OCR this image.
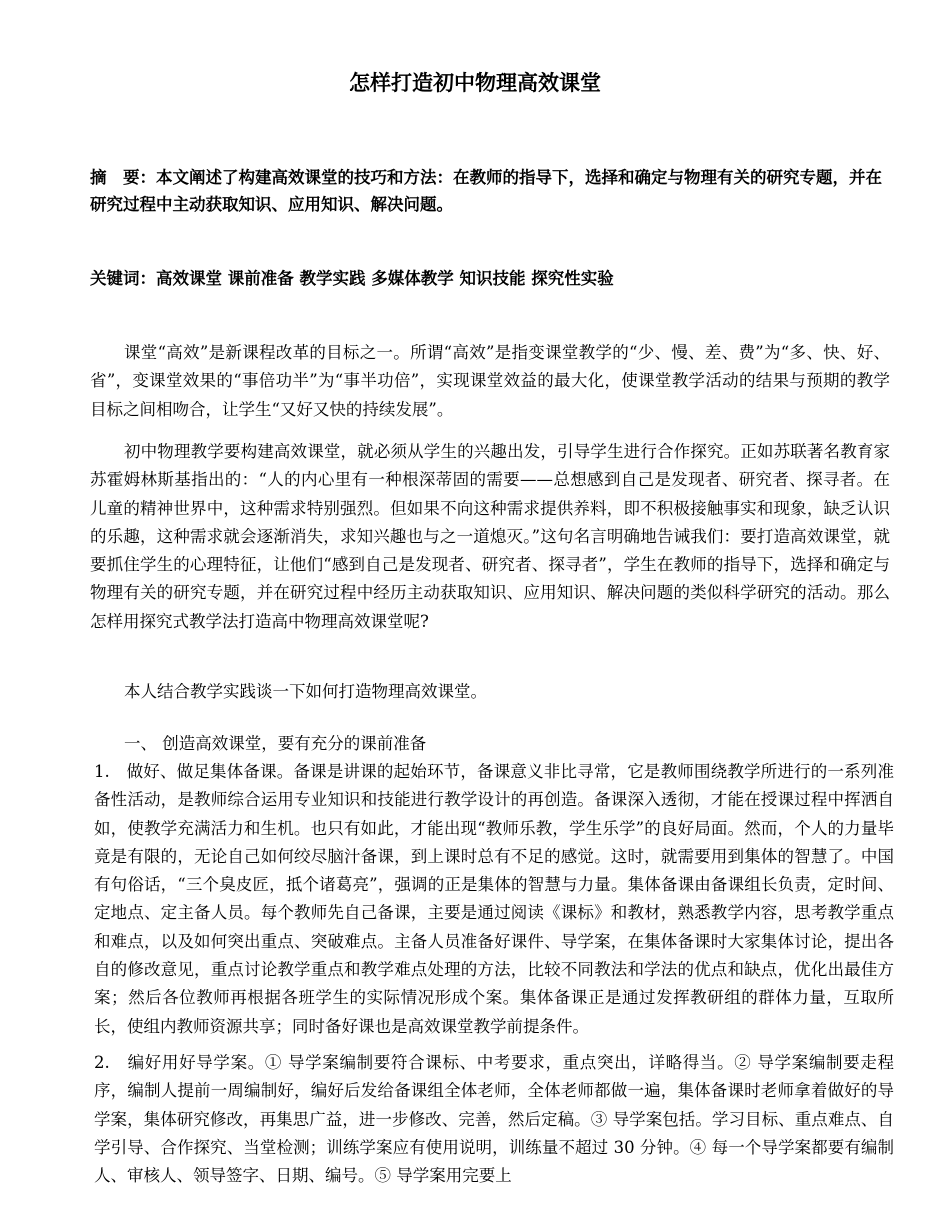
怎样打造初中物理高效课堂

摘　要：本文阐述了构建高效课堂的技巧和方法：在教师的指导下，选择和确定与物理有关的研究专题，并在研究过程中主动获取知识、应用知识、解决问题。

关键词：高效课堂 课前准备 教学实践 多媒体教学 知识技能 探究性实验

课堂“高效”是新课程改革的目标之一。所谓“高效”是指变课堂教学的“少、慢、差、费”为“多、快、好、省”，变课堂效果的“事倍功半”为“事半功倍”，实现课堂效益的最大化，使课堂教学活动的结果与预期的教学目标之间相吻合，让学生“又好又快的持续发展”。

初中物理教学要构建高效课堂，就必须从学生的兴趣出发，引导学生进行合作探究。正如苏联著名教育家苏霍姆林斯基指出的：“人的内心里有一种根深蒂固的需要——总想感到自己是发现者、研究者、探寻者。在儿童的精神世界中，这种需求特别强烈。但如果不向这种需求提供养料，即不积极接触事实和现象，缺乏认识的乐趣，这种需求就会逐渐消失，求知兴趣也与之一道熄灭。”这句名言明确地告诫我们：要打造高效课堂，就要抓住学生的心理特征，让他们“感到自己是发现者、研究者、探寻者”，学生在教师的指导下，选择和确定与物理有关的研究专题，并在研究过程中经历主动获取知识、应用知识、解决问题的类似科学研究的活动。那么怎样用探究式教学法打造高中物理高效课堂呢?

本人结合教学实践谈一下如何打造物理高效课堂。

一、 创造高效课堂，要有充分的课前准备

1.　做好、做足集体备课。备课是讲课的起始环节，备课意义非比寻常，它是教师围绕教学所进行的一系列准备性活动，是教师综合运用专业知识和技能进行教学设计的再创造。备课深入透彻，才能在授课过程中挥洒自如，使教学充满活力和生机。也只有如此，才能出现“教师乐教，学生乐学”的良好局面。然而，个人的力量毕竟是有限的，无论自己如何绞尽脑汁备课，到上课时总有不足的感觉。这时，就需要用到集体的智慧了。中国有句俗话，“三个臭皮匠，抵个诸葛亮”，强调的正是集体的智慧与力量。集体备课由备课组长负责，定时间、定地点、定主备人员。每个教师先自己备课，主要是通过阅读《课标》和教材，熟悉教学内容，思考教学重点和难点，以及如何突出重点、突破难点。主备人员准备好课件、导学案，在集体备课时大家集体讨论，提出各自的修改意见，重点讨论教学重点和教学难点处理的方法，比较不同教法和学法的优点和缺点，优化出最佳方案；然后各位教师再根据各班学生的实际情况形成个案。集体备课正是通过发挥教研组的群体力量，互取所长，使组内教师资源共享；同时备好课也是高效课堂教学前提条件。

2.　编好用好导学案。① 导学案编制要符合课标、中考要求，重点突出，详略得当。② 导学案编制要走程序，编制人提前一周编制好，编好后发给备课组全体老师，全体老师都做一遍，集体备课时老师拿着做好的导学案，集体研究修改，再集思广益，进一步修改、完善，然后定稿。③ 导学案包括。学习目标、重点难点、自学引导、合作探究、当堂检测；训练学案应有使用说明，训练量不超过 30 分钟。④ 每一个导学案都要有编制人、审核人、领导签字、日期、编号。⑤ 导学案用完要上
